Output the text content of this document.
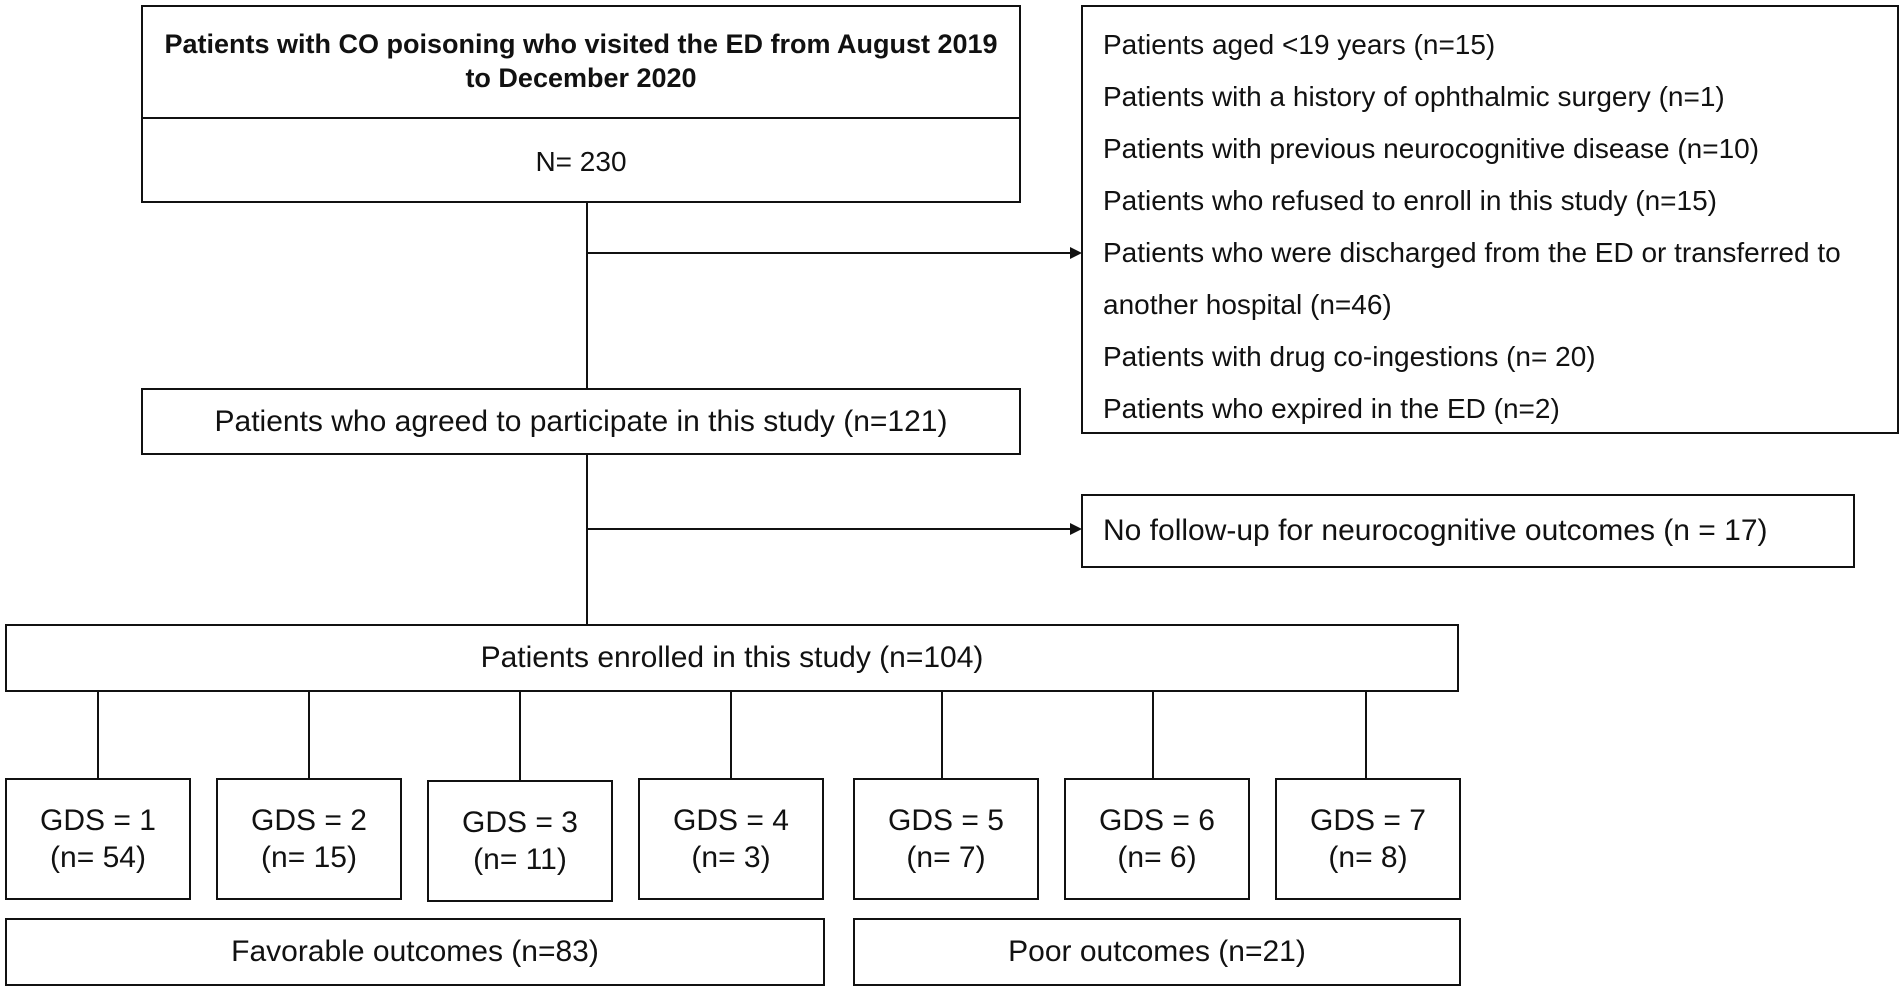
Patients with CO poisoning who visited the ED from August 2019 to December 2020
N= 230
Patients aged <19 years (n=15)
Patients with a history of ophthalmic surgery (n=1)
Patients with previous neurocognitive disease (n=10)
Patients who refused to enroll in this study (n=15)
Patients who were discharged from the ED or transferred to
another hospital (n=46)
Patients with drug co-ingestions (n= 20)
Patients who expired in the ED (n=2)
Patients who agreed to participate in this study (n=121)
No follow-up for neurocognitive outcomes (n = 17)
Patients enrolled in this study (n=104)
GDS = 1
(n= 54)
GDS = 2
(n= 15)
GDS = 3
(n= 11)
GDS = 4
(n= 3)
GDS = 5
(n= 7)
GDS = 6
(n= 6)
GDS = 7
(n= 8)
Favorable outcomes (n=83)	Poor outcomes (n=21)
